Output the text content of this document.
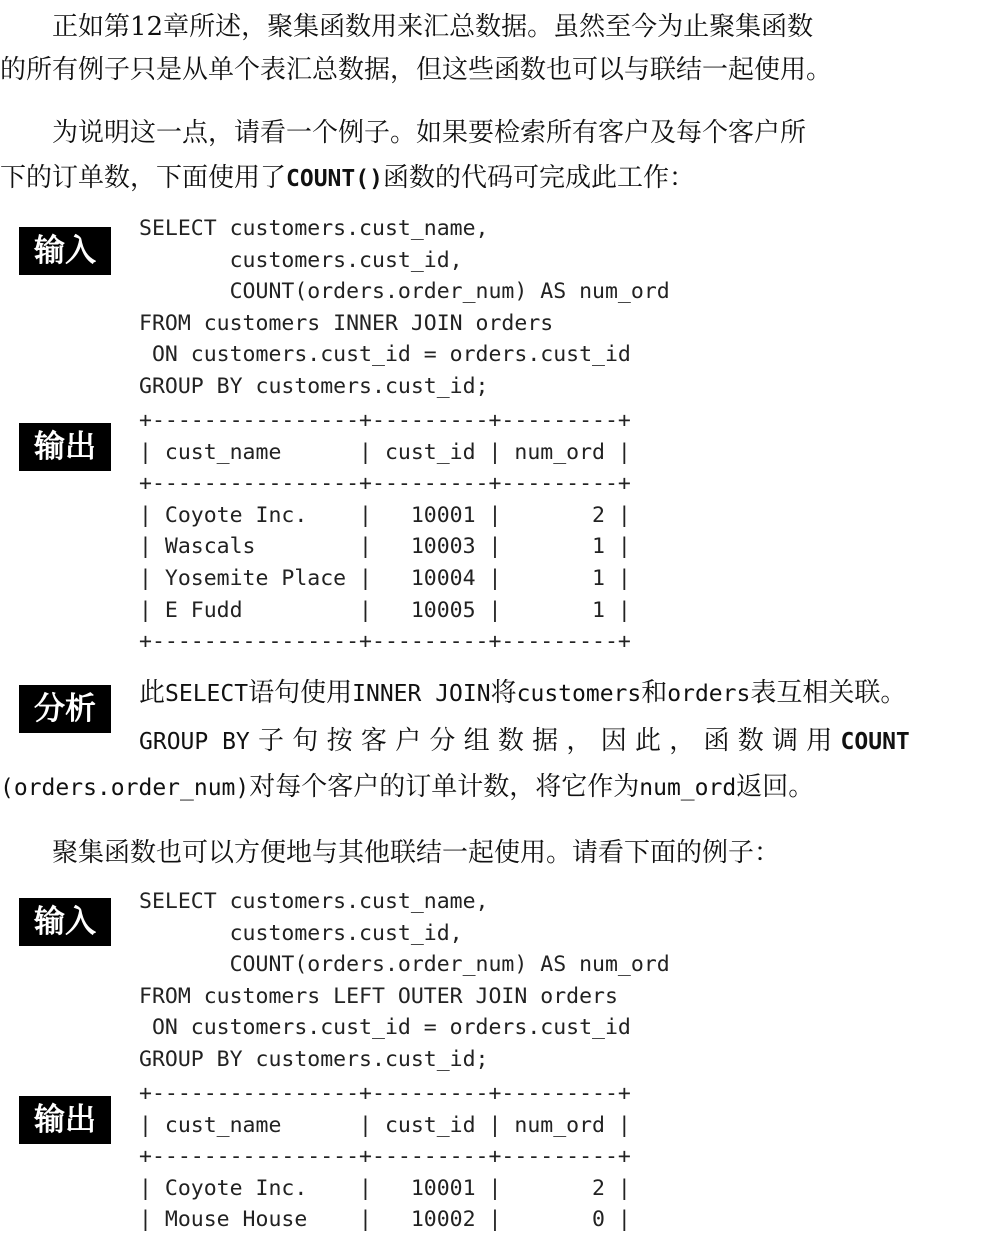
　　正如第12章所述，聚集函数用来汇总数据。虽然至今为止聚集函数
的所有例子只是从单个表汇总数据，但这些函数也可以与联结一起使用。
　　为说明这一点，请看一个例子。如果要检索所有客户及每个客户所
下的订单数，下面使用了COUNT()函数的代码可完成此工作：
输入
SELECT customers.cust_name,
customers.cust_id,
COUNT(orders.order_num) AS num_ord
FROM customers INNER JOIN orders
ON customers.cust_id = orders.cust_id
GROUP BY customers.cust_id;
输出
+----------------+---------+---------+
| cust_name      | cust_id | num_ord |
+----------------+---------+---------+
| Coyote Inc.    |   10001 |       2 |
| Wascals        |   10003 |       1 |
| Yosemite Place |   10004 |       1 |
| E Fudd         |   10005 |       1 |
+----------------+---------+---------+
分析	此SELECT语句使用INNER JOIN将customers和orders表互相关联。
GROUP BY 子 句 按 客 户 分 组 数 据 ， 因 此 ， 函 数 调 用 COUNT
(orders.order_num)对每个客户的订单计数，将它作为num_ord返回。
　　聚集函数也可以方便地与其他联结一起使用。请看下面的例子：
输入
SELECT customers.cust_name,
customers.cust_id,
COUNT(orders.order_num) AS num_ord
FROM customers LEFT OUTER JOIN orders
ON customers.cust_id = orders.cust_id
GROUP BY customers.cust_id;
输出
+----------------+---------+---------+
| cust_name      | cust_id | num_ord |
+----------------+---------+---------+
| Coyote Inc.    |   10001 |       2 |
| Mouse House    |   10002 |       0 |
